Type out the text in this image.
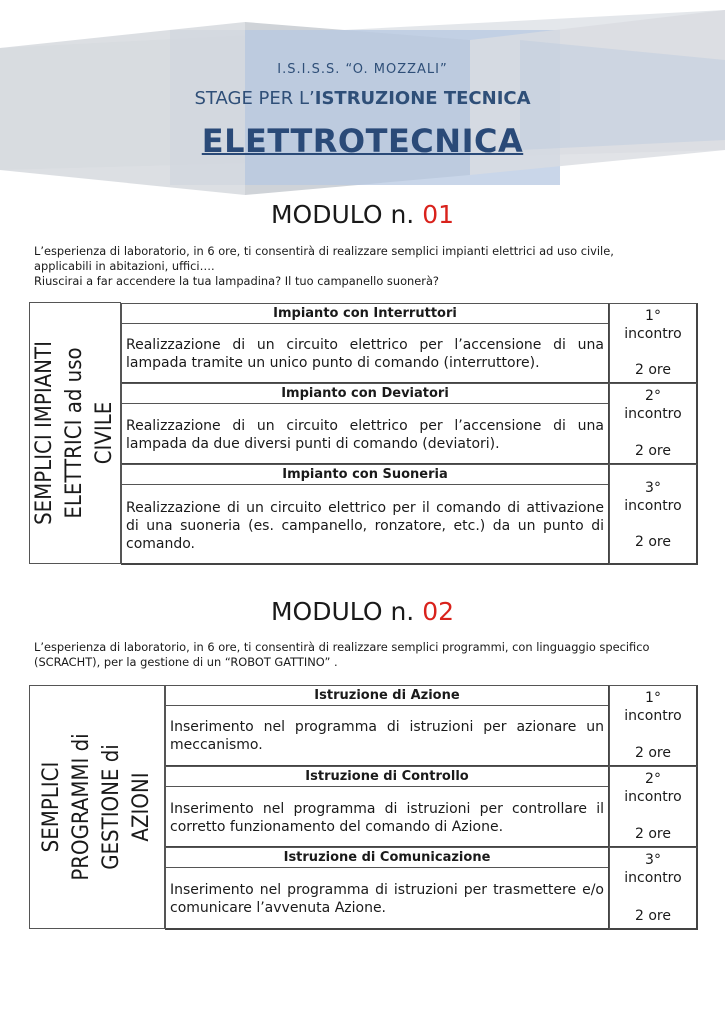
I.S.I.S.S. “O. MOZZALI”
STAGE PER L’ISTRUZIONE TECNICA
ELETTROTECNICA
MODULO n. 01
L’esperienza di laboratorio, in 6 ore, ti consentirà di realizzare semplici impianti elettrici ad uso civile,
applicabili in abitazioni, uffici….
Riuscirai a far accendere la tua lampadina? Il tuo campanello suonerà?
SEMPLICI IMPIANTI ELETTRICI ad uso CIVILE
Impianto con Interruttori
Realizzazione di un circuito elettrico per l’accensione di una lampada tramite un unico punto di comando (interruttore).
Impianto con Deviatori
Realizzazione di un circuito elettrico per l’accensione di una lampada da due diversi punti di comando (deviatori).
Impianto con Suoneria
Realizzazione di un circuito elettrico per il comando di attivazione di una suoneria (es. campanello, ronzatore, etc.) da un punto di comando.
1°
incontro
2 ore
2°
incontro
2 ore
3°
incontro
2 ore
MODULO n. 02
L’esperienza di laboratorio, in 6 ore, ti consentirà di realizzare semplici programmi, con linguaggio specifico
(SCRACHT), per la gestione di un “ROBOT GATTINO” .
SEMPLICI PROGRAMMI di GESTIONE di AZIONI
Istruzione di Azione
Inserimento nel programma di istruzioni per azionare un meccanismo.
Istruzione di Controllo
Inserimento nel programma di istruzioni per controllare il corretto funzionamento del comando di Azione.
Istruzione di Comunicazione
Inserimento nel programma di istruzioni per trasmettere e/o comunicare l’avvenuta Azione.
1°
incontro
2 ore
2°
incontro
2 ore
3°
incontro
2 ore
